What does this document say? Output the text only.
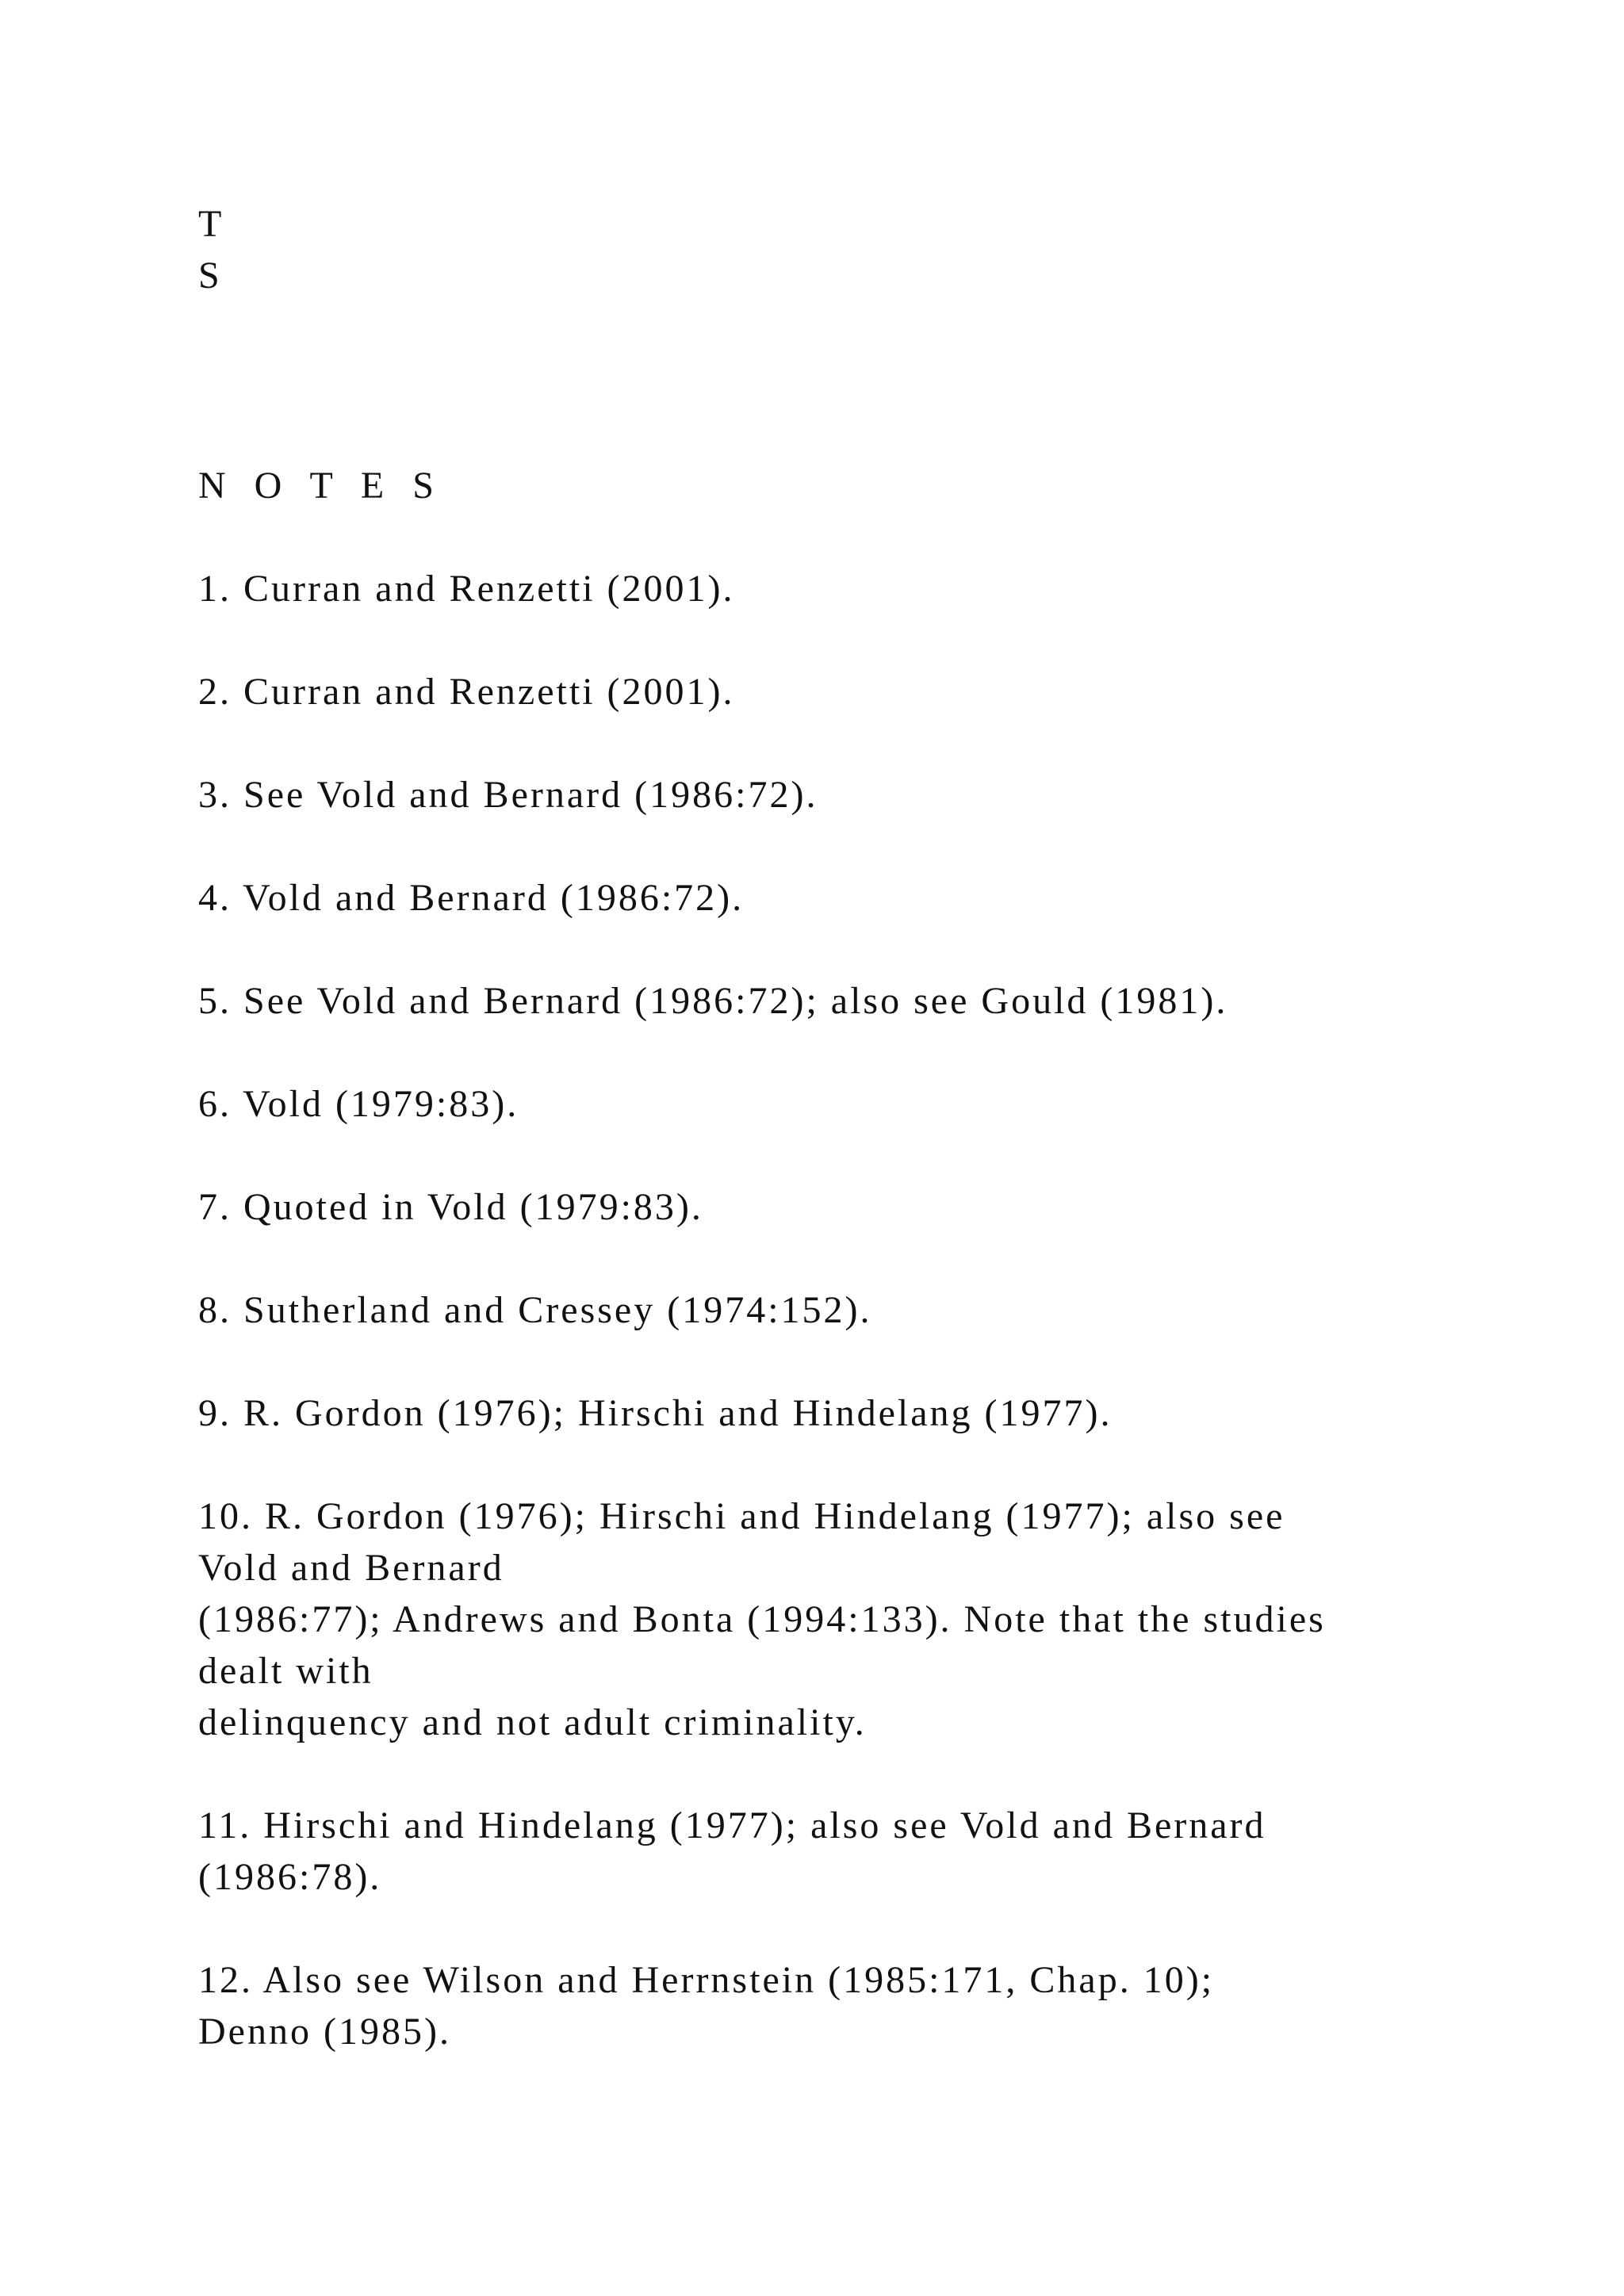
T
S
N O T E S
1. Curran and Renzetti (2001).
2. Curran and Renzetti (2001).
3. See Vold and Bernard (1986:72).
4. Vold and Bernard (1986:72).
5. See Vold and Bernard (1986:72); also see Gould (1981).
6. Vold (1979:83).
7. Quoted in Vold (1979:83).
8. Sutherland and Cressey (1974:152).
9. R. Gordon (1976); Hirschi and Hindelang (1977).
10. R. Gordon (1976); Hirschi and Hindelang (1977); also see
Vold and Bernard
(1986:77); Andrews and Bonta (1994:133). Note that the studies
dealt with
delinquency and not adult criminality.
11. Hirschi and Hindelang (1977); also see Vold and Bernard
(1986:78).
12. Also see Wilson and Herrnstein (1985:171, Chap. 10);
Denno (1985).
